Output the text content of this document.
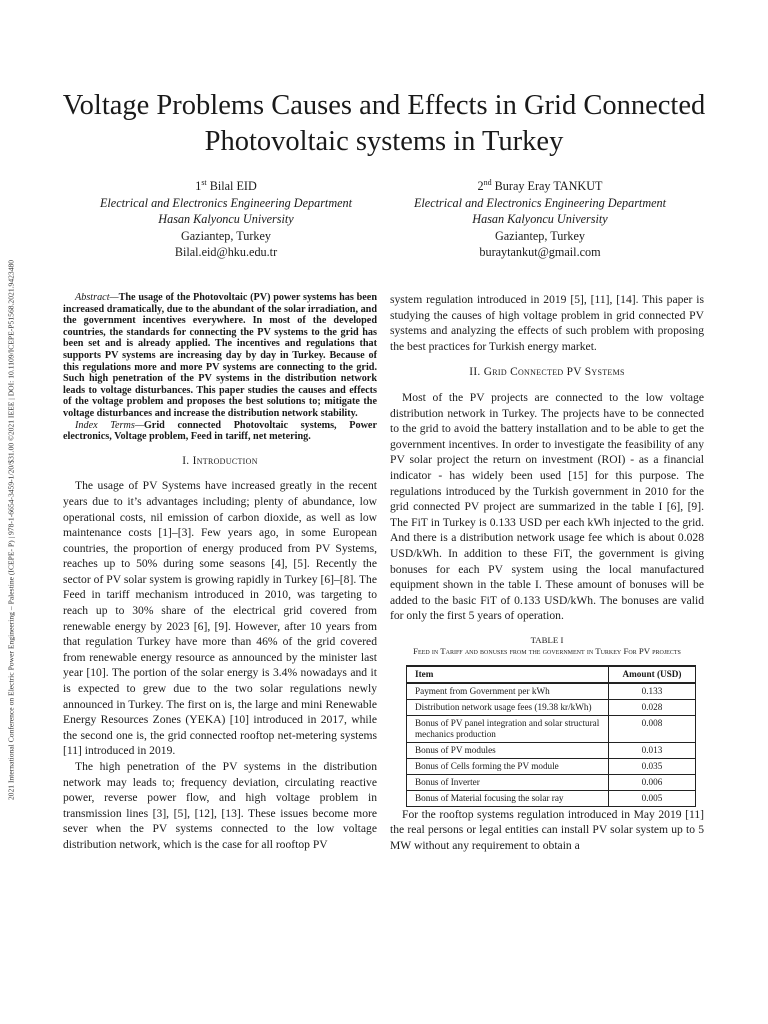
2021 International Conference on Electric Power Engineering – Palestine (ICEPE- P) | 978-1-6654-3459-1/20/$31.00 ©2021 IEEE | DOI: 10.1109/ICEPE-P51568.2021.9423480
Voltage Problems Causes and Effects in Grid Connected Photovoltaic systems in Turkey
1st Bilal EID
Electrical and Electronics Engineering Department
Hasan Kalyoncu University
Gaziantep, Turkey
Bilal.eid@hku.edu.tr
2nd Buray Eray TANKUT
Electrical and Electronics Engineering Department
Hasan Kalyoncu University
Gaziantep, Turkey
buraytankut@gmail.com

Abstract—The usage of the Photovoltaic (PV) power systems has been increased dramatically, due to the abundant of the solar irradiation, and the government incentives everywhere. In most of the developed countries, the standards for connecting the PV systems to the grid has been set and is already applied. The incentives and regulations that supports PV systems are increasing day by day in Turkey. Because of this regulations more and more PV systems are connecting to the grid. Such high penetration of the PV systems in the distribution network leads to voltage disturbances. This paper studies the causes and effects of the voltage problem and proposes the best solutions to; mitigate the voltage disturbances and increase the distribution network stability.

Index Terms—Grid connected Photovoltaic systems, Power electronics, Voltage problem, Feed in tariff, net metering.

I. Introduction

The usage of PV Systems have increased greatly in the recent years due to it’s advantages including; plenty of abundance, low operational costs, nil emission of carbon dioxide, as well as low maintenance costs [1]–[3]. Few years ago, in some European countries, the proportion of energy produced from PV Systems, reaches up to 50% during some seasons [4], [5]. Recently the sector of PV solar system is growing rapidly in Turkey [6]–[8]. The Feed in tariff mechanism introduced in 2010, was targeting to reach up to 30% share of the electrical grid covered from renewable energy by 2023 [6], [9]. However, after 10 years from that regulation Turkey have more than 46% of the grid covered from renewable energy resource as announced by the minister last year [10]. The portion of the solar energy is 3.4% nowadays and it is expected to grew due to the two solar regulations newly announced in Turkey. The first on is, the large and mini Renewable Energy Resources Zones (YEKA) [10] introduced in 2017, while the second one is, the grid connected rooftop net-metering systems [11] introduced in 2019.

The high penetration of the PV systems in the distribution network may leads to; frequency deviation, circulating reactive power, reverse power flow, and high voltage problem in transmission lines [3], [5], [12], [13]. These issues become more sever when the PV systems connected to the low voltage distribution network, which is the case for all rooftop PV

system regulation introduced in 2019 [5], [11], [14]. This paper is studying the causes of high voltage problem in grid connected PV systems and analyzing the effects of such problem with proposing the best practices for Turkish energy market.

II. Grid Connected PV Systems

Most of the PV projects are connected to the low voltage distribution network in Turkey. The projects have to be connected to the grid to avoid the battery installation and to be able to get the government incentives. In order to investigate the feasibility of any PV solar project the return on investment (ROI) - as a financial indicator - has widely been used [15] for this purpose. The regulations introduced by the Turkish government in 2010 for the grid connected PV project are summarized in the table I [6], [9]. The FiT in Turkey is 0.133 USD per each kWh injected to the grid. And there is a distribution network usage fee which is about 0.028 USD/kWh. In addition to these FiT, the government is giving bonuses for each PV system using the local manufactured equipment shown in the table I. These amount of bonuses will be added to the basic FiT of 0.133 USD/kWh. The bonuses are valid for only the first 5 years of operation.

TABLE I
Feed in Tariff and bonuses from the government in Turkey For PV projects
Item	Amount (USD)
Payment from Government per kWh	0.133
Distribution network usage fees (19.38 kr/kWh)	0.028
Bonus of PV panel integration and solar structural mechanics production	0.008
Bonus of PV modules	0.013
Bonus of Cells forming the PV module	0.035
Bonus of Inverter	0.006
Bonus of Material focusing the solar ray	0.005

For the rooftop systems regulation introduced in May 2019 [11] the real persons or legal entities can install PV solar system up to 5 MW without any requirement to obtain a
